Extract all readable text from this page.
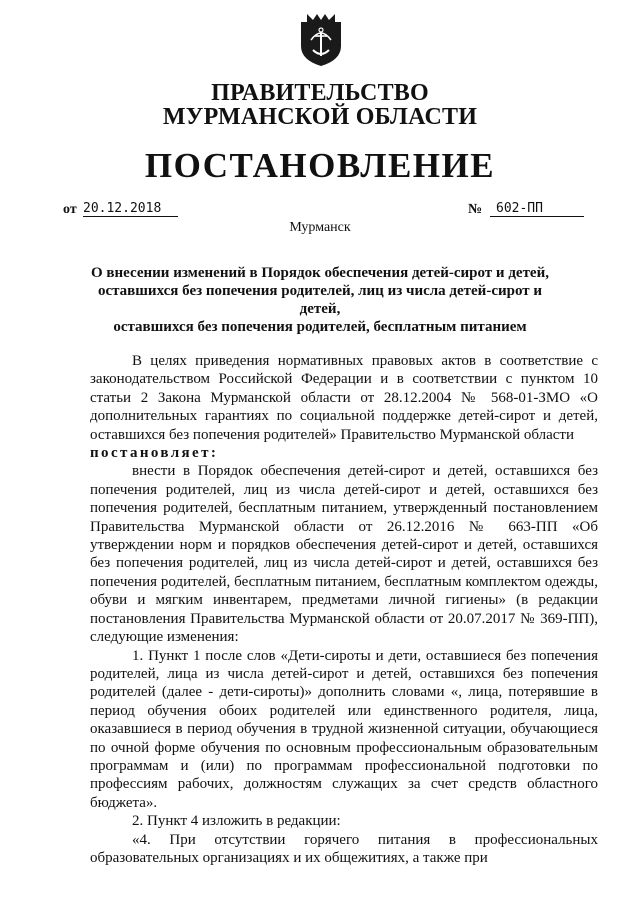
ПРАВИТЕЛЬСТВО
МУРМАНСКОЙ ОБЛАСТИ
ПОСТАНОВЛЕНИЕ
от 20.12.2018	№	602-ПП
Мурманск
О внесении изменений в Порядок обеспечения детей-сирот и детей,
оставшихся без попечения родителей, лиц из числа детей-сирот и детей,
оставшихся без попечения родителей, бесплатным питанием

В целях приведения нормативных правовых актов в соответствие с законодательством Российской Федерации и в соответствии с пунктом 10 статьи 2 Закона Мурманской области от 28.12.2004 № 568-01-ЗМО «О дополнительных гарантиях по социальной поддержке детей-сирот и детей, оставшихся без попечения родителей» Правительство Мурманской области

постановляет:

внести в Порядок обеспечения детей-сирот и детей, оставшихся без попечения родителей, лиц из числа детей-сирот и детей, оставшихся без попечения родителей, бесплатным питанием, утвержденный постановлением Правительства Мурманской области от 26.12.2016 № 663-ПП «Об утверждении норм и порядков обеспечения детей-сирот и детей, оставшихся без попечения родителей, лиц из числа детей-сирот и детей, оставшихся без попечения родителей, бесплатным питанием, бесплатным комплектом одежды, обуви и мягким инвентарем, предметами личной гигиены» (в редакции постановления Правительства Мурманской области от 20.07.2017 № 369-ПП), следующие изменения:

1. Пункт 1 после слов «Дети-сироты и дети, оставшиеся без попечения родителей, лица из числа детей-сирот и детей, оставшихся без попечения родителей (далее - дети-сироты)» дополнить словами «, лица, потерявшие в период обучения обоих родителей или единственного родителя, лица, оказавшиеся в период обучения в трудной жизненной ситуации, обучающиеся по очной форме обучения по основным профессиональным образовательным программам и (или) по программам профессиональной подготовки по профессиям рабочих, должностям служащих за счет средств областного бюджета».

2. Пункт 4 изложить в редакции:

«4. При отсутствии горячего питания в профессиональных образовательных организациях и их общежитиях, а также при
